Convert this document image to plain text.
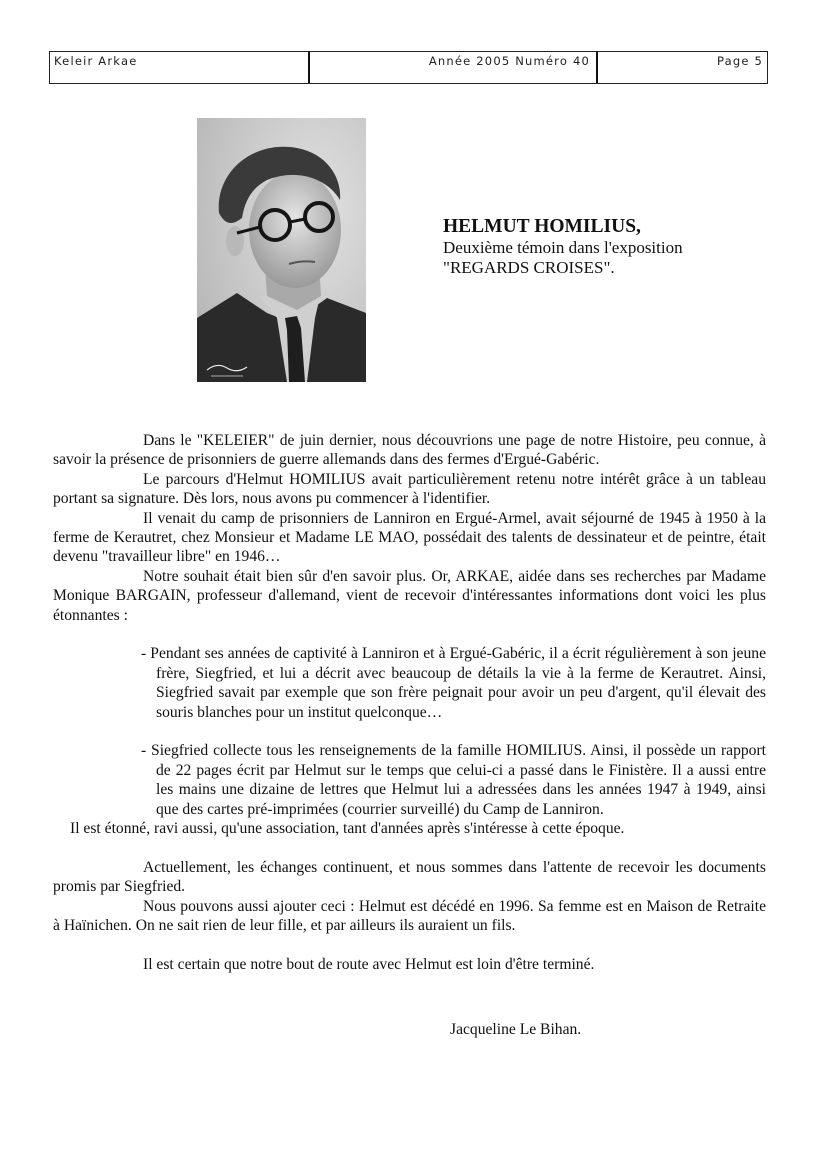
Keleir Arkae	Année 2005 Numéro 40	Page 5
HELMUT HOMILIUS,
Deuxième témoin dans l'exposition
"REGARDS CROISES".

Dans le "KELEIER" de juin dernier, nous découvrions une page de notre Histoire, peu connue, à savoir la présence de prisonniers de guerre allemands dans des fermes d'Ergué-Gabéric.

Le parcours d'Helmut HOMILIUS avait particulièrement retenu notre intérêt grâce à un tableau portant sa signature. Dès lors, nous avons pu commencer à l'identifier.

Il venait du camp de prisonniers de Lanniron en Ergué-Armel, avait séjourné de 1945 à 1950 à la ferme de Kerautret, chez Monsieur et Madame LE MAO, possédait des talents de dessinateur et de peintre, était devenu "travailleur libre" en 1946…

Notre souhait était bien sûr d'en savoir plus. Or, ARKAE, aidée dans ses recherches par Madame Monique BARGAIN, professeur d'allemand, vient de recevoir d'intéressantes informations dont voici les plus étonnantes :

- Pendant ses années de captivité à Lanniron et à Ergué-Gabéric, il a écrit régulièrement à son jeune frère, Siegfried, et lui a décrit avec beaucoup de détails la vie à la ferme de Kerautret. Ainsi, Siegfried savait par exemple que son frère peignait pour avoir un peu d'argent, qu'il élevait des souris blanches pour un institut quelconque…
- Siegfried collecte tous les renseignements de la famille HOMILIUS. Ainsi, il possède un rapport de 22 pages écrit par Helmut sur le temps que celui-ci a passé dans le Finistère. Il a aussi entre les mains une dizaine de lettres que Helmut lui a adressées dans les années 1947 à 1949, ainsi que des cartes pré-imprimées (courrier surveillé) du Camp de Lanniron.

Il est étonné, ravi aussi, qu'une association, tant d'années après s'intéresse à cette époque.

Actuellement, les échanges continuent, et nous sommes dans l'attente de recevoir les documents promis par Siegfried.

Nous pouvons aussi ajouter ceci : Helmut est décédé en 1996. Sa femme est en Maison de Retraite à Haïnichen. On ne sait rien de leur fille, et par ailleurs ils auraient un fils.

Il est certain que notre bout de route avec Helmut est loin d'être terminé.

Jacqueline Le Bihan.
